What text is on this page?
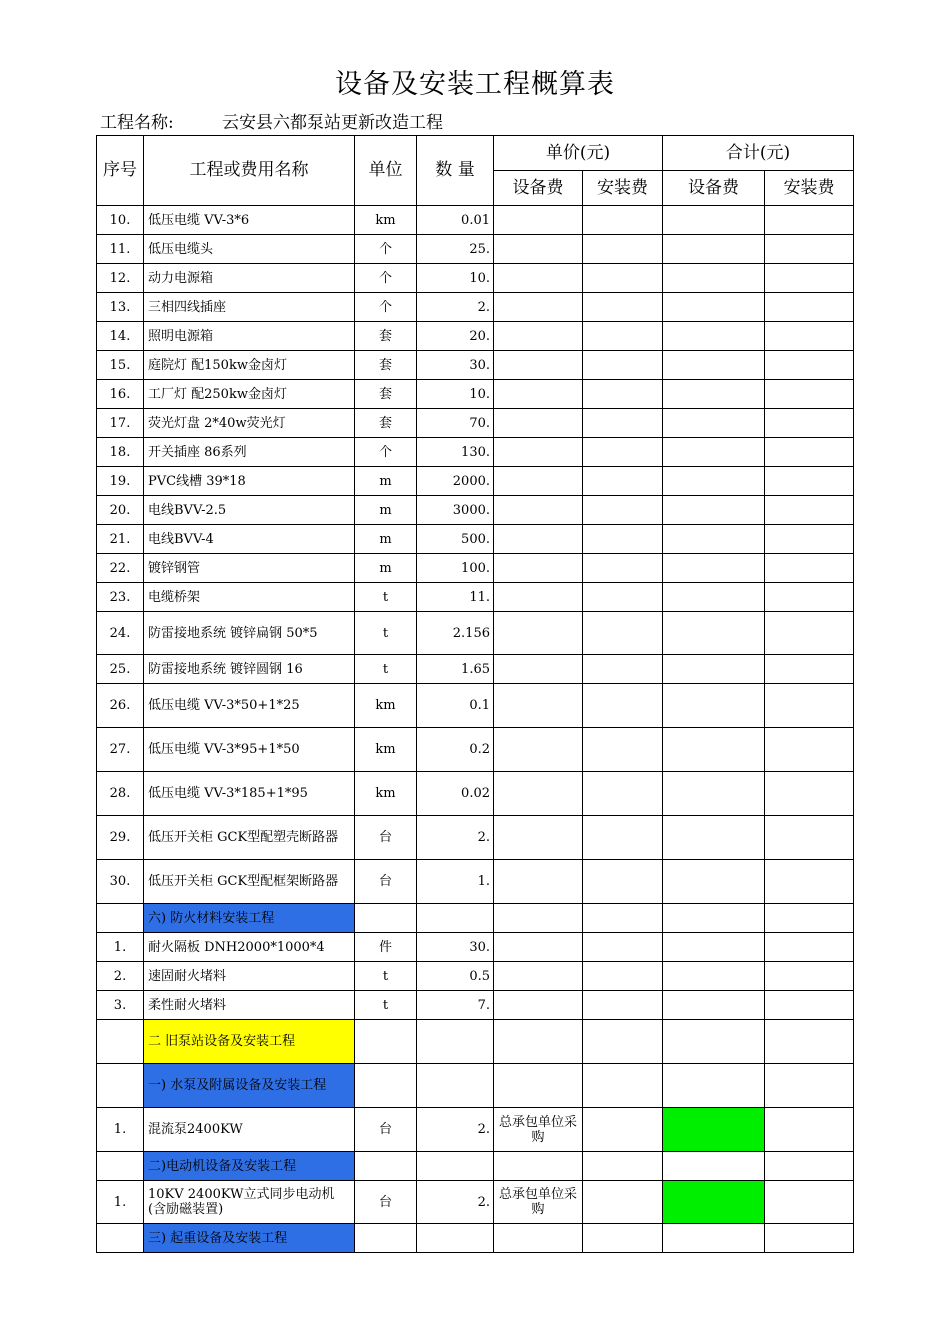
设备及安装工程概算表
工程名称:	云安县六都泵站更新改造工程
序号	工程或费用名称	单位	数 量	单价(元)		合计(元)	
				设备费	安装费	设备费	安装费
10.	低压电缆 VV-3*6	km	0.01				
11.	低压电缆头	个	25.				
12.	动力电源箱	个	10.				
13.	三相四线插座	个	2.				
14.	照明电源箱	套	20.				
15.	庭院灯 配150kw金卤灯	套	30.				
16.	工厂灯 配250kw金卤灯	套	10.				
17.	荧光灯盘 2*40w荧光灯	套	70.				
18.	开关插座 86系列	个	130.				
19.	PVC线槽 39*18	m	2000.				
20.	电线BVV-2.5	m	3000.				
21.	电线BVV-4	m	500.				
22.	镀锌钢管	m	100.				
23.	电缆桥架	t	11.				
24.	防雷接地系统 镀锌扁钢 50*5	t	2.156				
25.	防雷接地系统 镀锌圆钢 16	t	1.65				
26.	低压电缆 VV-3*50+1*25	km	0.1				
27.	低压电缆 VV-3*95+1*50	km	0.2				
28.	低压电缆 VV-3*185+1*95	km	0.02				
29.	低压开关柜 GCK型配塑壳断路器	台	2.				
30.	低压开关柜 GCK型配框架断路器	台	1.				
	六) 防火材料安装工程						
1.	耐火隔板 DNH2000*1000*4	件	30.				
2.	速固耐火堵料	t	0.5				
3.	柔性耐火堵料	t	7.				
	二 旧泵站设备及安装工程						
	一) 水泵及附属设备及安装工程						
1.	混流泵2400KW	台	2.	总承包单位采购			
	二)电动机设备及安装工程						
1.	10KV 2400KW立式同步电动机(含励磁装置)	台	2.	总承包单位采购			
	三) 起重设备及安装工程						
